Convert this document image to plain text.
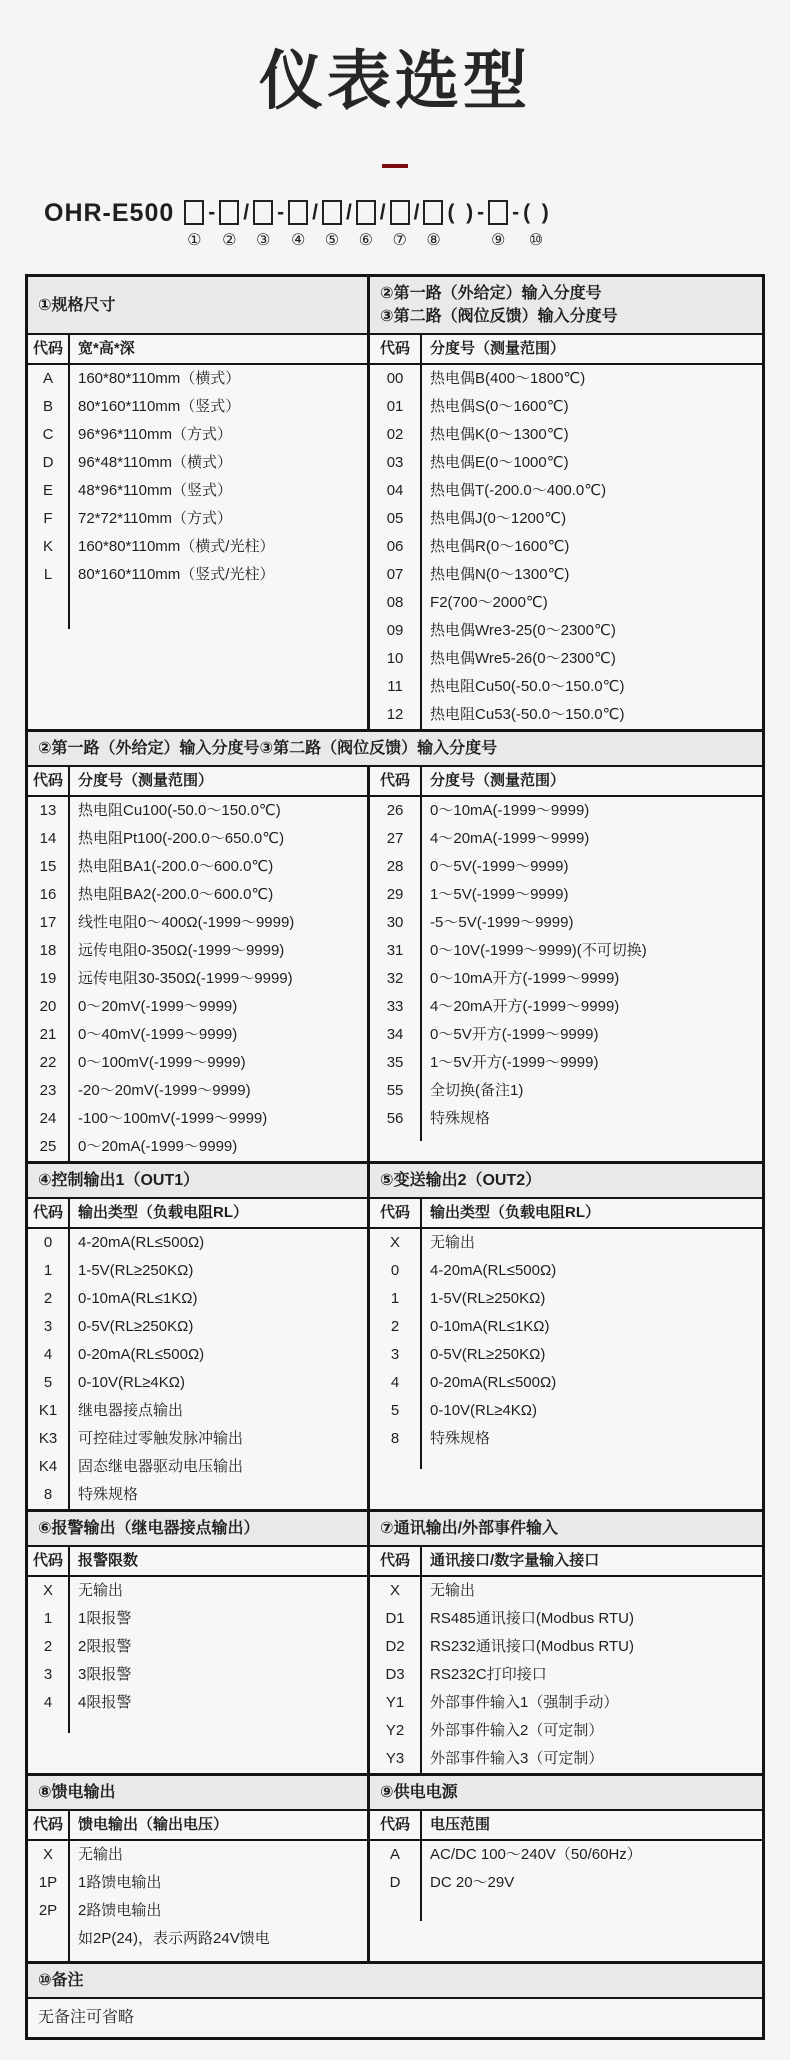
仪表选型
OHR-E500
①
-
②
/
③
-
④
/
⑤
/
⑥
/
⑦
/
⑧
(  ) -
⑨
- (  )
⑩
①规格尺寸
②第一路（外给定）输入分度号
③第二路（阀位反馈）输入分度号
代码	宽*高*深
A	160*80*110mm（横式）
B	80*160*110mm（竖式）
C	96*96*110mm（方式）
D	96*48*110mm（横式）
E	48*96*110mm（竖式）
F	72*72*110mm（方式）
K	160*80*110mm（横式/光柱）
L	80*160*110mm（竖式/光柱）
代码	分度号（测量范围）
00	热电偶B(400～1800℃)
01	热电偶S(0～1600℃)
02	热电偶K(0～1300℃)
03	热电偶E(0～1000℃)
04	热电偶T(-200.0～400.0℃)
05	热电偶J(0～1200℃)
06	热电偶R(0～1600℃)
07	热电偶N(0～1300℃)
08	F2(700～2000℃)
09	热电偶Wre3-25(0～2300℃)
10	热电偶Wre5-26(0～2300℃)
11	热电阻Cu50(-50.0～150.0℃)
12	热电阻Cu53(-50.0～150.0℃)
②第一路（外给定）输入分度号③第二路（阀位反馈）输入分度号
代码	分度号（测量范围）
13	热电阻Cu100(-50.0～150.0℃)
14	热电阻Pt100(-200.0～650.0℃)
15	热电阻BA1(-200.0～600.0℃)
16	热电阻BA2(-200.0～600.0℃)
17	线性电阻0～400Ω(-1999～9999)
18	远传电阻0-350Ω(-1999～9999)
19	远传电阻30-350Ω(-1999～9999)
20	0～20mV(-1999～9999)
21	0～40mV(-1999～9999)
22	0～100mV(-1999～9999)
23	-20～20mV(-1999～9999)
24	-100～100mV(-1999～9999)
25	0～20mA(-1999～9999)
代码	分度号（测量范围）
26	0～10mA(-1999～9999)
27	4～20mA(-1999～9999)
28	0～5V(-1999～9999)
29	1～5V(-1999～9999)
30	-5～5V(-1999～9999)
31	0～10V(-1999～9999)(不可切换)
32	0～10mA开方(-1999～9999)
33	4～20mA开方(-1999～9999)
34	0～5V开方(-1999～9999)
35	1～5V开方(-1999～9999)
55	全切换(备注1)
56	特殊规格
④控制输出1（OUT1）	⑤变送输出2（OUT2）
代码	输出类型（负载电阻RL）
0	4-20mA(RL≤500Ω)
1	1-5V(RL≥250KΩ)
2	0-10mA(RL≤1KΩ)
3	0-5V(RL≥250KΩ)
4	0-20mA(RL≤500Ω)
5	0-10V(RL≥4KΩ)
K1	继电器接点输出
K3	可控硅过零触发脉冲输出
K4	固态继电器驱动电压输出
8	特殊规格
代码	输出类型（负载电阻RL）
X	无输出
0	4-20mA(RL≤500Ω)
1	1-5V(RL≥250KΩ)
2	0-10mA(RL≤1KΩ)
3	0-5V(RL≥250KΩ)
4	0-20mA(RL≤500Ω)
5	0-10V(RL≥4KΩ)
8	特殊规格
⑥报警输出（继电器接点输出）	⑦通讯输出/外部事件输入
代码	报警限数
X	无输出
1	1限报警
2	2限报警
3	3限报警
4	4限报警
代码	通讯接口/数字量输入接口
X	无输出
D1	RS485通讯接口(Modbus RTU)
D2	RS232通讯接口(Modbus RTU)
D3	RS232C打印接口
Y1	外部事件输入1（强制手动）
Y2	外部事件输入2（可定制）
Y3	外部事件输入3（可定制）
⑧馈电输出	⑨供电电源
代码	馈电输出（输出电压）
X	无输出
1P	1路馈电输出
2P	2路馈电输出
如2P(24)，表示两路24V馈电
代码	电压范围
A	AC/DC 100～240V（50/60Hz）
D	DC 20～29V
⑩备注
无备注可省略
